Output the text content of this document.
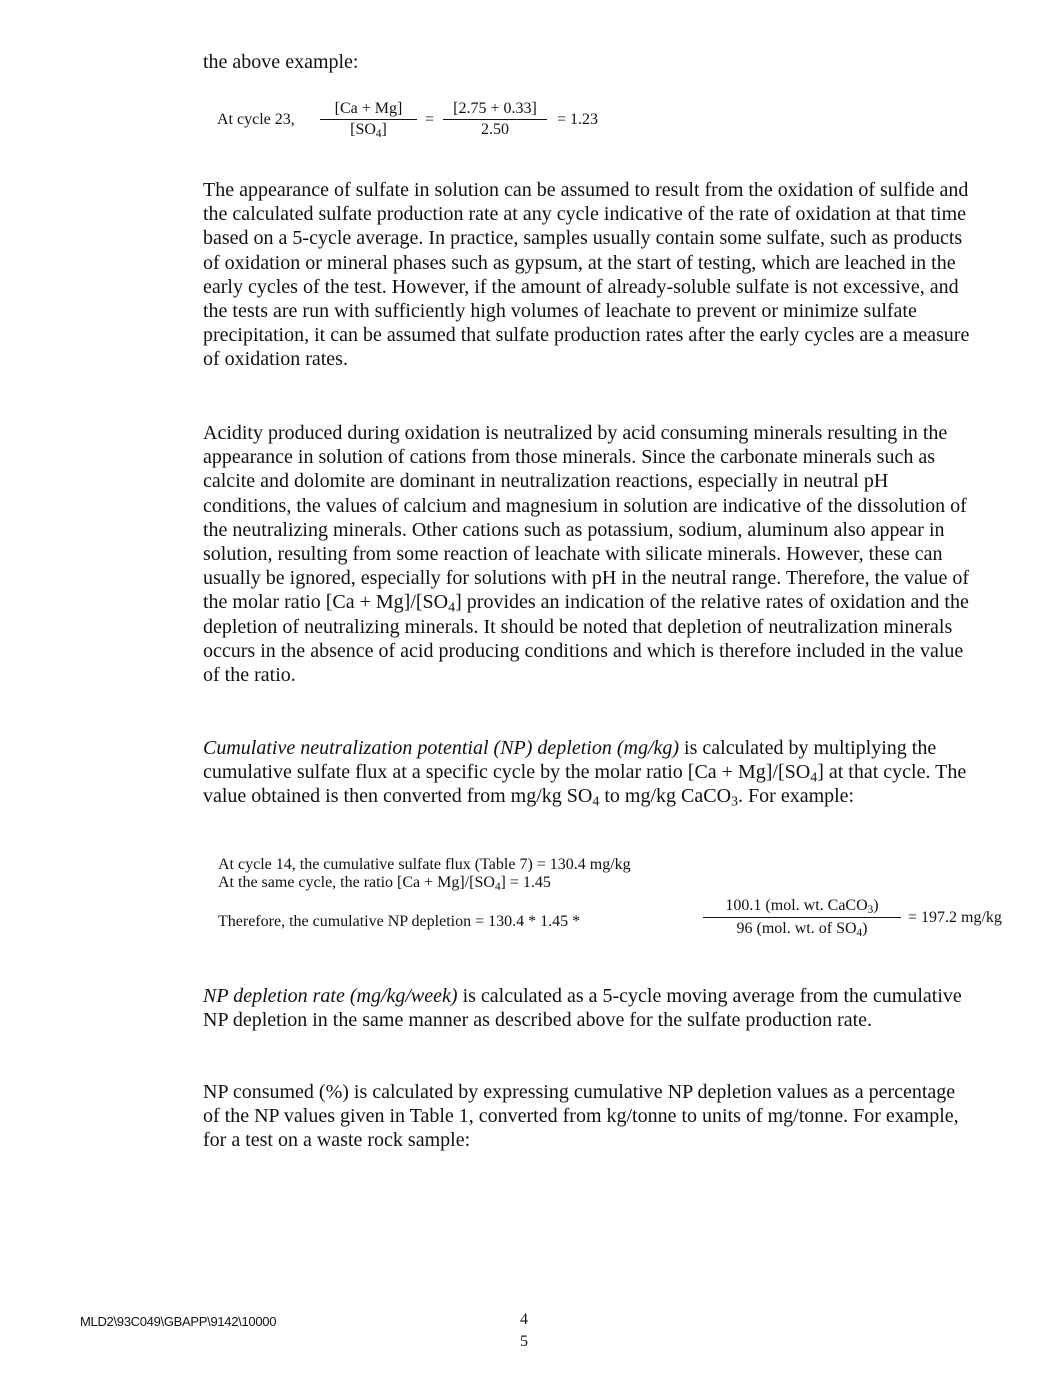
the above example:
At cycle 23, $\frac{[Ca + Mg]}{[SO_4]} = \frac{[2.75 + 0.33]}{2.50} = 1.23$

The appearance of sulfate in solution can be assumed to result from the oxidation of sulfide and the calculated sulfate production rate at any cycle indicative of the rate of oxidation at that time based on a 5-cycle average. In practice, samples usually contain some sulfate, such as products of oxidation or mineral phases such as gypsum, at the start of testing, which are leached in the early cycles of the test. However, if the amount of already-soluble sulfate is not excessive, and the tests are run with sufficiently high volumes of leachate to prevent or minimize sulfate precipitation, it can be assumed that sulfate production rates after the early cycles are a measure of oxidation rates.

Acidity produced during oxidation is neutralized by acid consuming minerals resulting in the appearance in solution of cations from those minerals. Since the carbonate minerals such as calcite and dolomite are dominant in neutralization reactions, especially in neutral pH conditions, the values of calcium and magnesium in solution are indicative of the dissolution of the neutralizing minerals. Other cations such as potassium, sodium, aluminum also appear in solution, resulting from some reaction of leachate with silicate minerals. However, these can usually be ignored, especially for solutions with pH in the neutral range. Therefore, the value of the molar ratio $[Ca + Mg]/[SO_4]$ provides an indication of the relative rates of oxidation and the depletion of neutralizing minerals. It should be noted that depletion of neutralization minerals occurs in the absence of acid producing conditions and which is therefore included in the value of the ratio.

Cumulative neutralization potential (NP) depletion (mg/kg) is calculated by multiplying the cumulative sulfate flux at a specific cycle by the molar ratio $[Ca + Mg]/[SO_4]$ at that cycle. The value obtained is then converted from mg/kg $SO_4$ to mg/kg CaCO$_3$. For example:

At cycle 14, the cumulative sulfate flux (Table 7) = 130.4 mg/kg
At the same cycle, the ratio $[Ca + Mg]/[SO_4] = 1.45$
Therefore, the cumulative NP depletion = 130.4 * 1.45 *
100.1 (mol. wt. CaCO$_3$)
96 (mol. wt. of $SO_4$)
= 197.2 mg/kg

NP depletion rate (mg/kg/week) is calculated as a 5-cycle moving average from the cumulative NP depletion in the same manner as described above for the sulfate production rate.

NP consumed (%) is calculated by expressing cumulative NP depletion values as a percentage of the NP values given in Table 1, converted from kg/tonne to units of mg/tonne. For example, for a test on a waste rock sample:

MLD2\93C049\GBAPP\9142\10000	4
5
